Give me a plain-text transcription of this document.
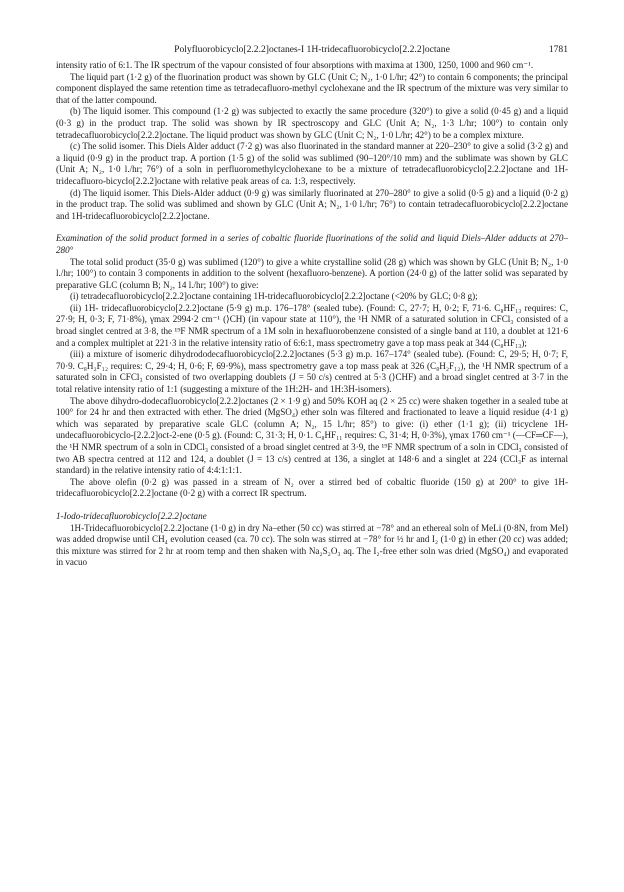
Polyfluorobicyclo[2.2.2]octanes-I 1H-tridecafluorobicyclo[2.2.2]octane	1781

intensity ratio of 6:1. The IR spectrum of the vapour consisted of four absorptions with maxima at 1300, 1250, 1000 and 960 cm⁻¹.

The liquid part (1·2 g) of the fluorination product was shown by GLC (Unit C; N₂, 1·0 l./hr; 42°) to contain 6 components; the principal component displayed the same retention time as tetradecafluoro-methyl cyclohexane and the IR spectrum of the mixture was very similar to that of the latter compound.

(b) The liquid isomer. This compound (1·2 g) was subjected to exactly the same procedure (320°) to give a solid (0·45 g) and a liquid (0·3 g) in the product trap. The solid was shown by IR spectroscopy and GLC (Unit A; N₂, 1·3 l./hr; 100°) to contain only tetradecafluorobicyclo[2.2.2]octane. The liquid product was shown by GLC (Unit C; N₂, 1·0 l./hr; 42°) to be a complex mixture.

(c) The solid isomer. This Diels Alder adduct (7·2 g) was also fluorinated in the standard manner at 220–230° to give a solid (3·2 g) and a liquid (0·9 g) in the product trap. A portion (1·5 g) of the solid was sublimed (90–120°/10 mm) and the sublimate was shown by GLC (Unit A; N₂, 1·0 l./hr; 76°) of a soln in perfluoromethylcyclohexane to be a mixture of tetradecafluorobicyclo[2.2.2]octane and 1H-tridecafluoro-bicyclo[2.2.2]octane with relative peak areas of ca. 1:3, respectively.

(d) The liquid isomer. This Diels-Alder adduct (0·9 g) was similarly fluorinated at 270–280° to give a solid (0·5 g) and a liquid (0·2 g) in the product trap. The solid was sublimed and shown by GLC (Unit A; N₂, 1·0 l./hr; 76°) to contain tetradecafluorobicyclo[2.2.2]octane and 1H-tridecafluorobicyclo[2.2.2]octane.

Examination of the solid product formed in a series of cobaltic fluoride fluorinations of the solid and liquid Diels–Alder adducts at 270–280°

The total solid product (35·0 g) was sublimed (120°) to give a white crystalline solid (28 g) which was shown by GLC (Unit B; N₂, 1·0 l./hr; 100°) to contain 3 components in addition to the solvent (hexafluoro-benzene). A portion (24·0 g) of the latter solid was separated by preparative GLC (column B; N₂, 14 l./hr; 100°) to give:

(i) tetradecafluorobicyclo[2.2.2]octane containing 1H-tridecafluorobicyclo[2.2.2]octane (<20% by GLC; 0·8 g);

(ii) 1H- tridecafluorobicyclo[2.2.2]octane (5·9 g) m.p. 176–178° (sealed tube). (Found: C, 27·7; H, 0·2; F, 71·6. C₈HF₁₃ requires: C, 27·9; H, 0·3; F, 71·8%), γmax 2994·2 cm⁻¹ (⟩CH) (in vapour state at 110°), the ¹H NMR of a saturated solution in CFCl₃ consisted of a broad singlet centred at 3·8, the ¹⁹F NMR spectrum of a 1M soln in hexafluorobenzene consisted of a single band at 110, a doublet at 121·6 and a complex multiplet at 221·3 in the relative intensity ratio of 6:6:1, mass spectrometry gave a top mass peak at 344 (C₈HF₁₃);

(iii) a mixture of isomeric dihydrododecafluorobicyclo[2.2.2]octanes (5·3 g) m.p. 167–174° (sealed tube). (Found: C, 29·5; H, 0·7; F, 70·9. C₈H₂F₁₂ requires: C, 29·4; H, 0·6; F, 69·9%), mass spectrometry gave a top mass peak at 326 (C₈H₂F₁₂), the ¹H NMR spectrum of a saturated soln in CFCl₃ consisted of two overlapping doublets (J = 50 c/s) centred at 5·3 (⟩CHF) and a broad singlet centred at 3·7 in the total relative intensity ratio of 1:1 (suggesting a mixture of the 1H:2H- and 1H:3H-isomers).

The above dihydro-dodecafluorobicyclo[2.2.2]octanes (2 × 1·9 g) and 50% KOH aq (2 × 25 cc) were shaken together in a sealed tube at 100° for 24 hr and then extracted with ether. The dried (MgSO₄) ether soln was filtered and fractionated to leave a liquid residue (4·1 g) which was separated by preparative scale GLC (column A; N₂, 15 l./hr; 85°) to give: (i) ether (1·1 g); (ii) tricyclene 1H-undecafluorobicyclo-[2.2.2]oct-2-ene (0·5 g). (Found: C, 31·3; H, 0·1. C₈HF₁₁ requires: C, 31·4; H, 0·3%), γmax 1760 cm⁻¹ (—CF═CF—), the ¹H NMR spectrum of a soln in CDCl₃ consisted of a broad singlet centred at 3·9, the ¹⁹F NMR spectrum of a soln in CDCl₃ consisted of two AB spectra centred at 112 and 124, a doublet (J = 13 c/s) centred at 136, a singlet at 148·6 and a singlet at 224 (CCl₃F as internal standard) in the relative intensity ratio of 4:4:1:1:1.

The above olefin (0·2 g) was passed in a stream of N₂ over a stirred bed of cobaltic fluoride (150 g) at 200° to give 1H-tridecafluorobicyclo[2.2.2]octane (0·2 g) with a correct IR spectrum.

1-Iodo-tridecafluorobicyclo[2.2.2]octane

1H-Tridecafluorobicyclo[2.2.2]octane (1·0 g) in dry Na–ether (50 cc) was stirred at −78° and an ethereal soln of MeLi (0·8N, from MeI) was added dropwise until CH₄ evolution ceased (ca. 70 cc). The soln was stirred at −78° for ½ hr and I₂ (1·0 g) in ether (20 cc) was added; this mixture was stirred for 2 hr at room temp and then shaken with Na₂S₂O₃ aq. The I₂-free ether soln was dried (MgSO₄) and evaporated in vacuo
